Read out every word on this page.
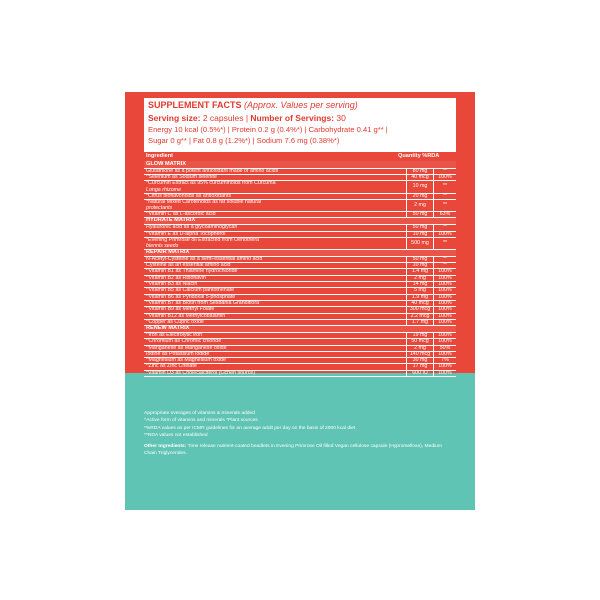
SUPPLEMENT FACTS (Approx. Values per serving)
Serving size: 2 capsules | Number of Servings: 30
Energy 10 kcal (0.5%*) | Protein 0.2 g (0.4%*) | Carbohydrate 0.41 g** |
Sugar 0 g** | Fat 0.8 g (1.2%*) | Sodium 7.6 mg (0.38%*)
Ingredient	Quantity %RDA
GLOW MATRIX
Glutathione as a potent antioxidant made of amino acids	80 mg	**
^Selenium as Sodium selenite	40 mcg	100%
*Curcumin Extract as 95% curcuminoids from Curcuma
Longa rhizome
10 mg	**
*Citrus bioflavonoids as antioxidants	20 mg	**
*Natural Mixed Carotenoids as fat soluble natural
protectants
2 mg	**
^Vitamin C as L-ascorbic acid	50 mg	63%
HYDRATE MATRIX
Hyaluronic acid as a glycoaminoglycan	50 mg	**
^Vitamin E as D-alpha Tocopherol	10 mg	100%
*Evening Primrose oil Extracted from Oenothera
biennis seeds
500 mg	**
REPAIR MATRIX
N-Acetyl-Cysteine as a semi-essential amino acid	50 mg	**
Cysteine as an essential amino acid	10 mg	**
^Vitamin B1 as Thiamine hydrochloride	1.4 mg	100%
^Vitamin B2 as Riboflavin	2 mg	100%
^Vitamin B3 as Niacin	14 mg	100%
^Vitamin B5 as Calcium pantothenate	5 mg	100%
^Vitamin B6 as Pyridoxal 5-phosphate	1.9 mg	100%
^Vitamin B7 as Biotin from Sesbania Grandiflora	40 mcg	100%
^Vitamin B9 as Methyl Folate	300 mcg	100%
^Vitamin B12 as Methylcobalamin	2.2 mcg	100%
^Copper as Cupric oxide	1.7 mg	100%
RENEW MATRIX
^Iron as Electrolytic iron	19 mg	100%
^Chromium as Chromic chloride	50 mcg	100%
^Manganese as Manganese oxide	2 mg	50%
Iodine as Potassium iodide	140 mcg	100%
^Magnesium as Magnesium oxide	30 mg	7%
^Zinc as Zinc Chelate	17 mg	100%
*Vitamin D3 as Cholecalciferol (Lichen source)	600 IU	100%
Appropriate overages of vitamins & minerals added
^Active form of vitamins and minerals *Plant sources
*%RDA values as per ICMR guidelines for an average adult per day on the basis of 2000 kcal diet
**RDA values not established
Other Ingredients: Time release nutrient-coated beadlets in Evening Primrose Oil filled Vegan cellulose capsule (Hypromellose), Medium Chain Triglycerides.
